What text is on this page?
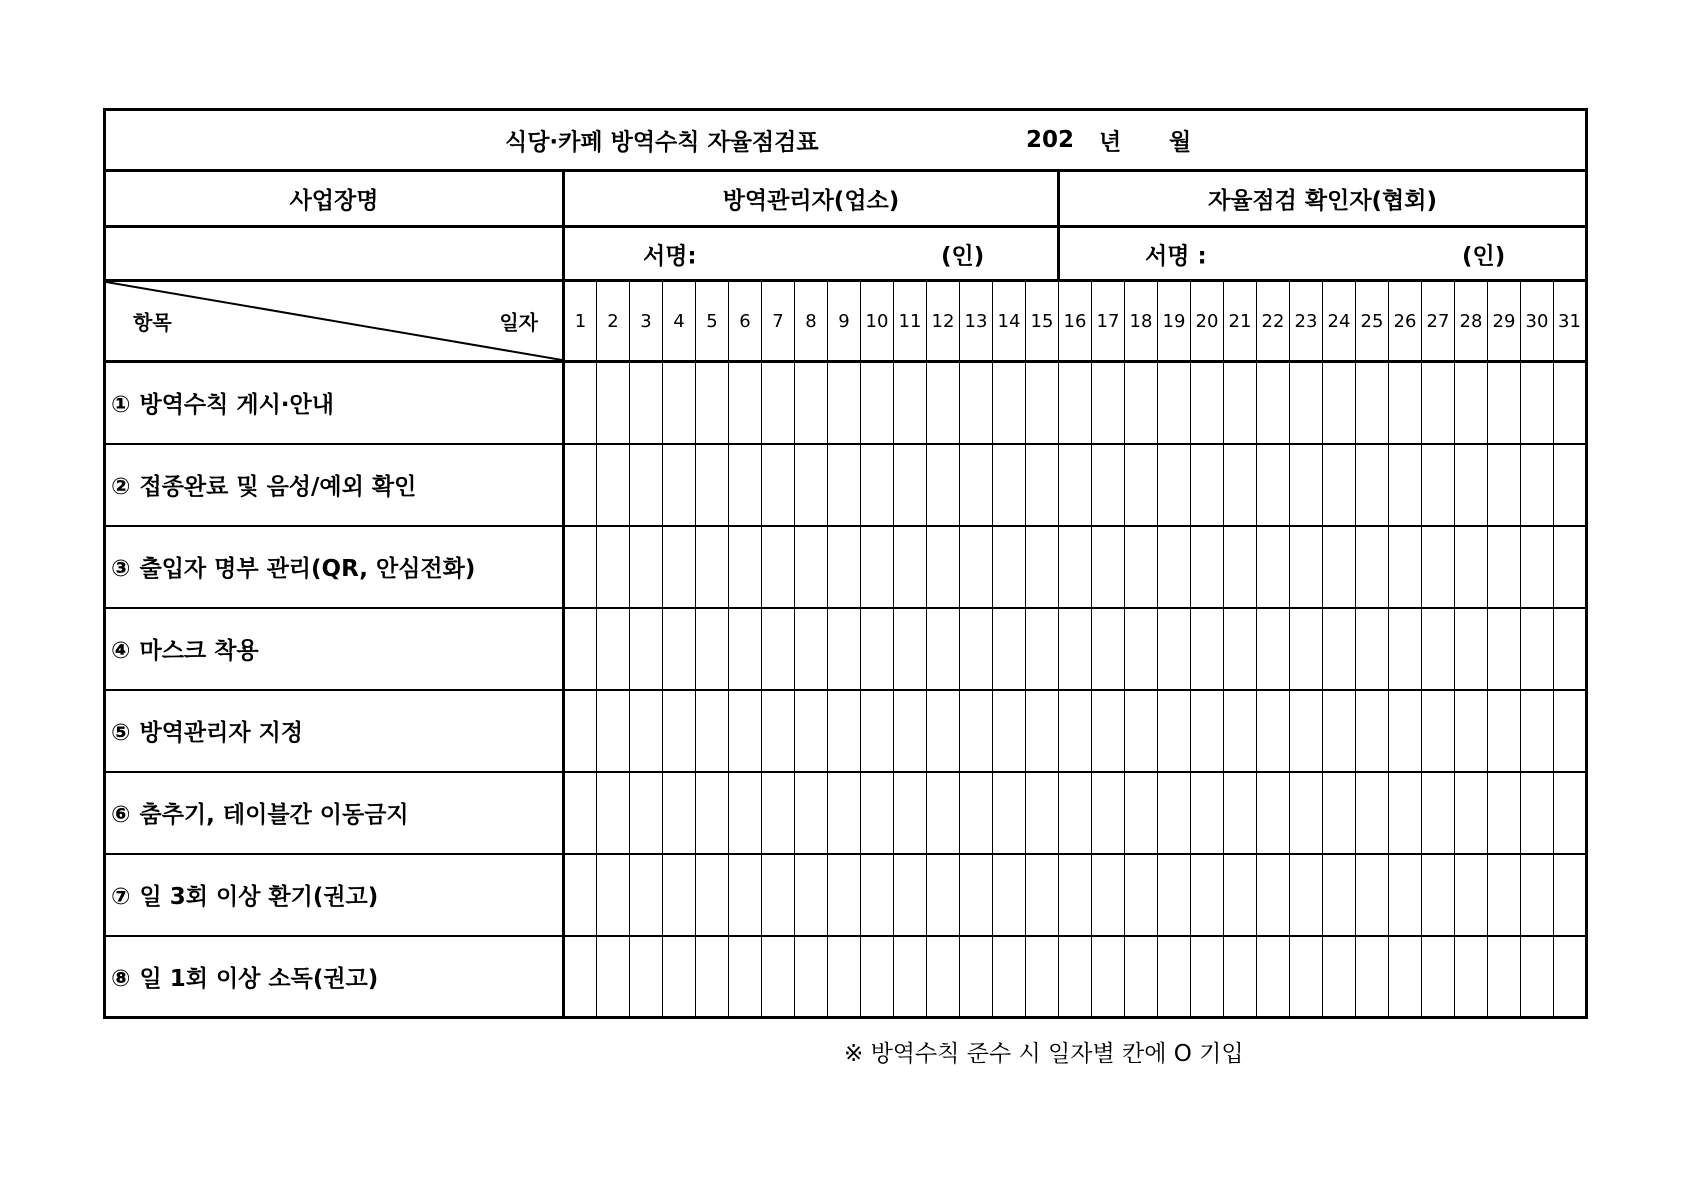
식당·카페 방역수칙 자율점검표 202 년 월																															

사업장명	방역관리자(업소)															자율점검 확인자(협회)															

	서명: (인)															서명 : (인)															

항목 일자	1	2	3	4	5	6	7	8	9	10	11	12	13	14	15	16	17	18	19	20	21	22	23	24	25	26	27	28	29	30	31
① 방역수칙 게시·안내																															
② 접종완료 및 음성/예외 확인																															
③ 출입자 명부 관리(QR, 안심전화)																															
④ 마스크 착용																															
⑤ 방역관리자 지정																															
⑥ 춤추기, 테이블간 이동금지																															
⑦ 일 3회 이상 환기(권고)																															
⑧ 일 1회 이상 소독(권고)																															
※ 방역수칙 준수 시 일자별 칸에 O 기입
